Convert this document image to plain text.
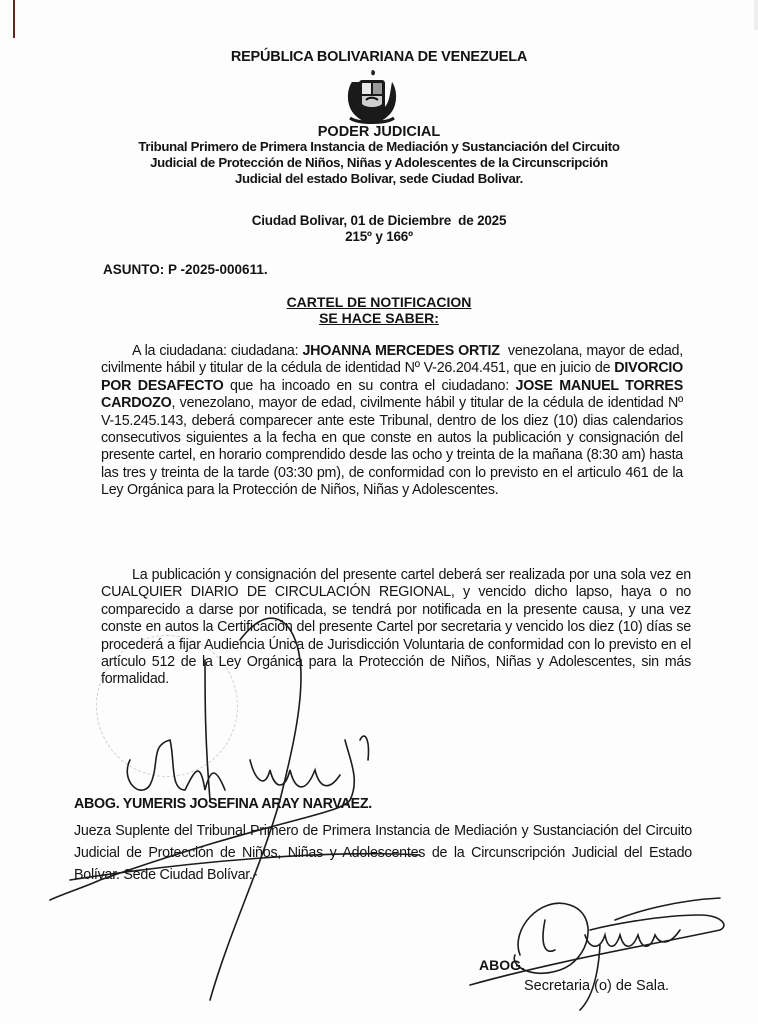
REPÚBLICA BOLIVARIANA DE VENEZUELA
PODER JUDICIAL
Tribunal Primero de Primera Instancia de Mediación y Sustanciación del Circuito
Judicial de Protección de Niños, Niñas y Adolescentes de la Circunscripción
Judicial del estado Bolivar, sede Ciudad Bolivar.
Ciudad Bolivar, 01 de Diciembre  de 2025
215º y 166º
ASUNTO: P -2025-000611.
CARTEL DE NOTIFICACION
SE HACE SABER:
A la ciudadana: ciudadana: JHOANNA MERCEDES ORTIZ  venezolana, mayor de edad, civilmente hábil y titular de la cédula de identidad Nº V-26.204.451, que en juicio de DIVORCIO POR DESAFECTO que ha incoado en su contra el ciudadano: JOSE MANUEL TORRES CARDOZO, venezolano, mayor de edad, civilmente hábil y titular de la cédula de identidad Nº V-15.245.143, deberá comparecer ante este Tribunal, dentro de los diez (10) dias calendarios consecutivos siguientes a la fecha en que conste en autos la publicación y consignación del presente cartel, en horario comprendido desde las ocho y treinta de la mañana (8:30 am) hasta las tres y treinta de la tarde (03:30 pm), de conformidad con lo previsto en el articulo 461 de la Ley Orgánica para la Protección de Niños, Niñas y Adolescentes.
La publicación y consignación del presente cartel deberá ser realizada por una sola vez en CUALQUIER DIARIO DE CIRCULACIÓN REGIONAL, y vencido dicho lapso, haya o no comparecido a darse por notificada, se tendrá por notificada en la presente causa, y una vez conste en autos la Certificación del presente Cartel por secretaria y vencido los diez (10) días se procederá a fijar Audiencia Única de Jurisdicción Voluntaria de conformidad con lo previsto en el artículo 512 de la Ley Orgánica para la Protección de Niños, Niñas y Adolescentes, sin más formalidad.
ABOG. YUMERIS JOSEFINA ARAY NARVAEZ.
Jueza Suplente del Tribunal Primero de Primera Instancia de Mediación y Sustanciación del Circuito Judicial de Protección de Niños, Niñas y Adolescentes de la Circunscripción Judicial del Estado Bolívar. Sede Ciudad Bolívar.-
ABOG.
Secretaria (o) de Sala.
